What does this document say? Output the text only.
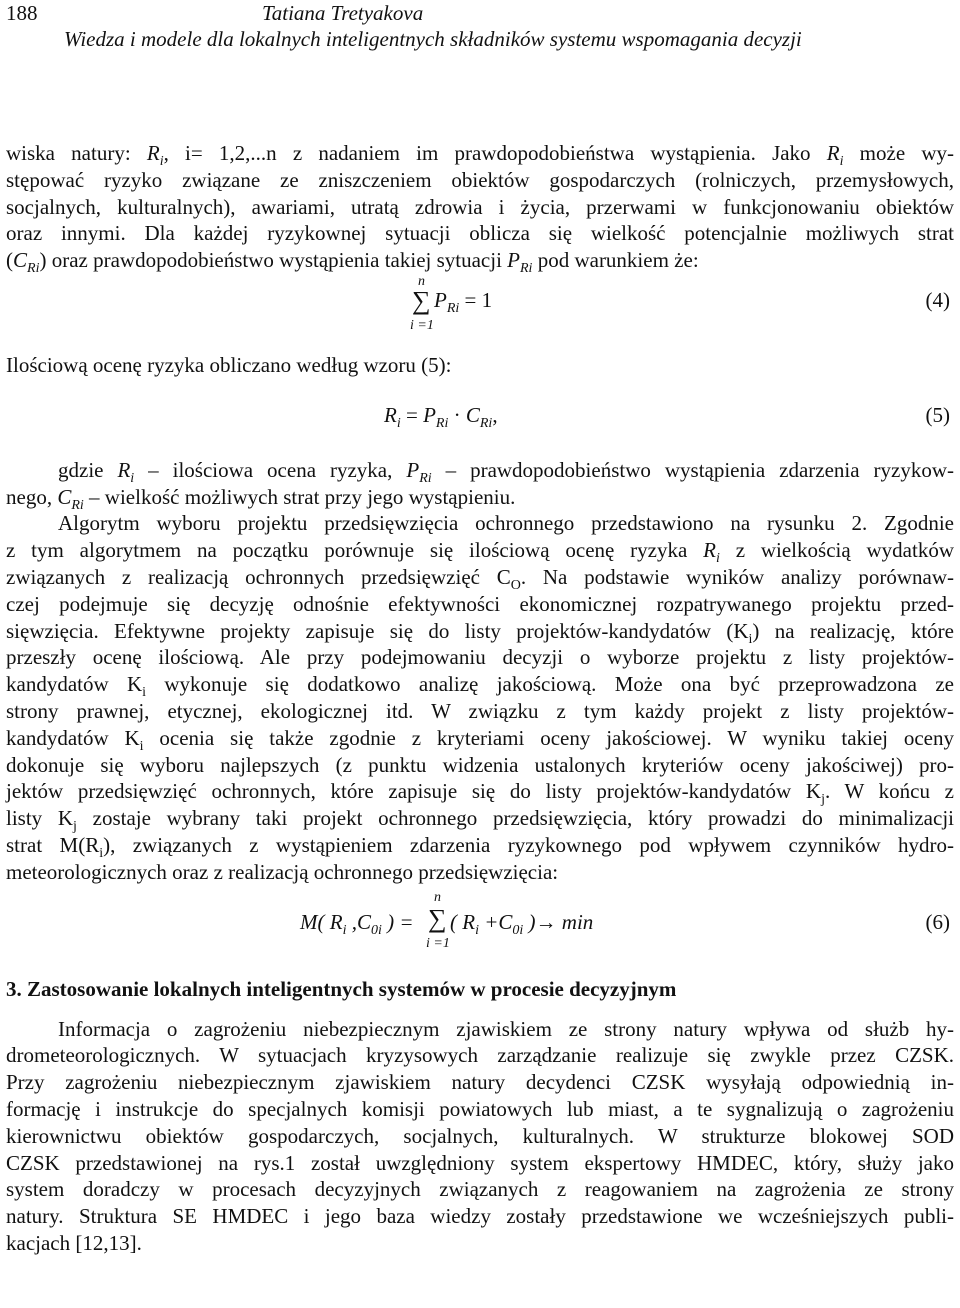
188	Tatiana Tretyakova
Wiedza i modele dla lokalnych inteligentnych składników systemu wspomagania decyzji

wiska natury: $R_i$, i= 1,2,...n z nadaniem im prawdopodobieństwa wystąpienia. Jako $R_i$ może wy-

stępować ryzyko związane ze zniszczeniem obiektów gospodarczych (rolniczych, przemysłowych,

socjalnych, kulturalnych), awariami, utratą zdrowia i życia, przerwami w funkcjonowaniu obiektów

oraz innymi. Dla każdej ryzykownej sytuacji oblicza się wielkość potencjalnie możliwych strat

$(C_{Ri})$ oraz prawdopodobieństwo wystąpienia takiej sytuacji $P_{Ri}$ pod warunkiem że:

n
∑ $P_{Ri} = 1$
i =1
(4)

Ilościową ocenę ryzyka obliczano według wzoru (5):

$R_i = P_{Ri} \cdot C_{Ri}$,	(5)

gdzie $R_i$ – ilościowa ocena ryzyka, $P_{Ri}$ – prawdopodobieństwo wystąpienia zdarzenia ryzykow-

nego, $C_{Ri}$ – wielkość możliwych strat przy jego wystąpieniu.

Algorytm wyboru projektu przedsięwzięcia ochronnego przedstawiono na rysunku 2. Zgodnie

z tym algorytmem na początku porównuje się ilościową ocenę ryzyka $R_i$ z wielkością wydatków

związanych z realizacją ochronnych przedsięwzięć $C_O$. Na podstawie wyników analizy porównaw-

czej podejmuje się decyzję odnośnie efektywności ekonomicznej rozpatrywanego projektu przed-

sięwzięcia. Efektywne projekty zapisuje się do listy projektów-kandydatów $(K_i)$ na realizację, które

przeszły ocenę ilościową. Ale przy podejmowaniu decyzji o wyborze projektu z listy projektów-

kandydatów $K_i$ wykonuje się dodatkowo analizę jakościową. Może ona być przeprowadzona ze

strony prawnej, etycznej, ekologicznej itd. W związku z tym każdy projekt z listy projektów-

kandydatów $K_i$ ocenia się także zgodnie z kryteriami oceny jakościowej. W wyniku takiej oceny

dokonuje się wyboru najlepszych (z punktu widzenia ustalonych kryteriów oceny jakościwej) pro-

jektów przedsięwzięć ochronnych, które zapisuje się do listy projektów-kandydatów $K_j$. W końcu z

listy $K_j$ zostaje wybrany taki projekt ochronnego przedsięwzięcia, który prowadzi do minimalizacji

strat $M(R_i)$, związanych z wystąpieniem zdarzenia ryzykownego pod wpływem czynników hydro-

meteorologicznych oraz z realizacją ochronnego przedsięwzięcia:

M( $R_i$ $,C_{0i}$ ) =
n
∑
i =1
( $R_i +C_{0i}$ )→ min	(6)
3. Zastosowanie lokalnych inteligentnych systemów w procesie decyzyjnym

Informacja o zagrożeniu niebezpiecznym zjawiskiem ze strony natury wpływa od służb hy-

drometeorologicznych. W sytuacjach kryzysowych zarządzanie realizuje się zwykle przez CZSK.

Przy zagrożeniu niebezpiecznym zjawiskiem natury decydenci CZSK wysyłają odpowiednią in-

formację i instrukcje do specjalnych komisji powiatowych lub miast, a te sygnalizują o zagrożeniu

kierownictwu obiektów gospodarczych, socjalnych, kulturalnych. W strukturze blokowej SOD

CZSK przedstawionej na rys.1 został uwzględniony system ekspertowy HMDEC, który, służy jako

system doradczy w procesach decyzyjnych związanych z reagowaniem na zagrożenia ze strony

natury. Struktura SE HMDEC i jego baza wiedzy zostały przedstawione we wcześniejszych publi-

kacjach [12,13].
